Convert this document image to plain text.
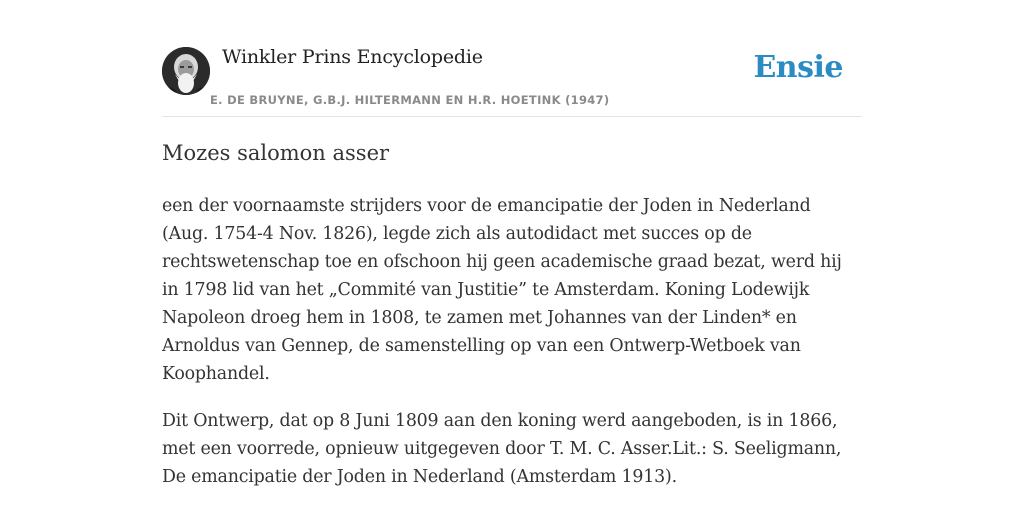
Winkler Prins Encyclopedie
E. DE BRUYNE, G.B.J. HILTERMANN EN H.R. HOETINK (1947)
Ensie
Mozes salomon asser

een der voornaamste strijders voor de emancipatie der Joden in Nederland (Aug. 1754-4 Nov. 1826), legde zich als autodidact met succes op de rechtswetenschap toe en ofschoon hij geen academische graad bezat, werd hij in 1798 lid van het „Commité van Justitie” te Amsterdam. Koning Lodewijk Napoleon droeg hem in 1808, te zamen met Johannes van der Linden* en Arnoldus van Gennep, de samenstelling op van een Ontwerp-Wetboek van Koophandel.

Dit Ontwerp, dat op 8 Juni 1809 aan den koning werd aangeboden, is in 1866, met een voorrede, opnieuw uitgegeven door T. M. C. Asser.Lit.: S. Seeligmann, De emancipatie der Joden in Nederland (Amsterdam 1913).
